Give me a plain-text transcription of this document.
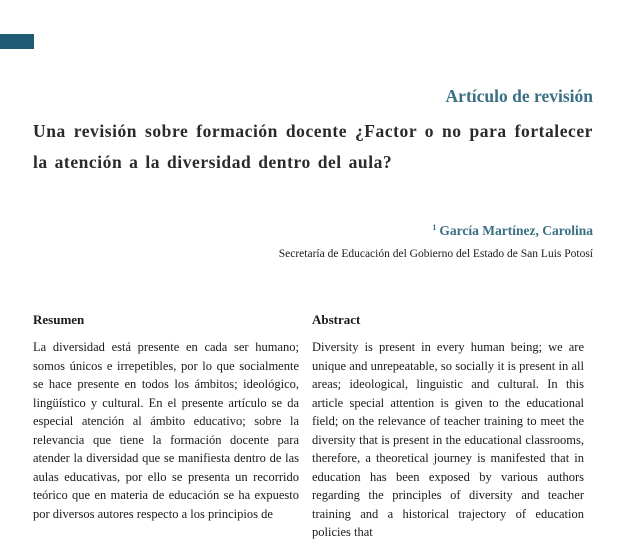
Artículo de revisión
Una revisión sobre formación docente ¿Factor o no para fortalecer la atención a la diversidad dentro del aula?
$^1$ García Martínez, Carolina
Secretaría de Educación del Gobierno del Estado de San Luis Potosí
Resumen

La diversidad está presente en cada ser humano; somos únicos e irrepetibles, por lo que socialmente se hace presente en todos los ámbitos; ideológico, lingüístico y cultural. En el presente artículo se da especial atención al ámbito educativo; sobre la relevancia que tiene la formación docente para atender la diversidad que se manifiesta dentro de las aulas educativas, por ello se presenta un recorrido teórico que en materia de educación se ha expuesto por diversos autores respecto a los principios de

Abstract

Diversity is present in every human being; we are unique and unrepeatable, so socially it is present in all areas; ideological, linguistic and cultural. In this article special attention is given to the educational field; on the relevance of teacher training to meet the diversity that is present in the educational classrooms, therefore, a theoretical journey is manifested that in education has been exposed by various authors regarding the principles of diversity and teacher training and a historical trajectory of education policies that
